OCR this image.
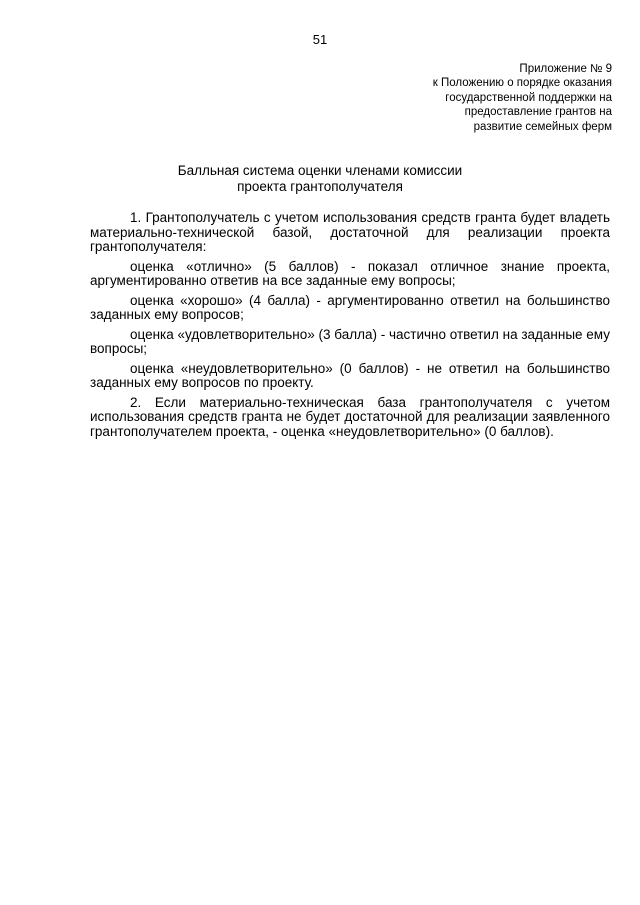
51
Приложение № 9
к Положению о порядке оказания
государственной поддержки на
предоставление грантов на
развитие семейных ферм
Балльная система оценки членами комиссии
проекта грантополучателя

1. Грантополучатель с учетом использования средств гранта будет владеть материально-технической базой, достаточной для реализации проекта грантополучателя:

оценка «отлично» (5 баллов) - показал отличное знание проекта, аргументированно ответив на все заданные ему вопросы;

оценка «хорошо» (4 балла) - аргументированно ответил на большинство заданных ему вопросов;

оценка «удовлетворительно» (3 балла) - частично ответил на заданные ему вопросы;

оценка «неудовлетворительно» (0 баллов) - не ответил на большинство заданных ему вопросов по проекту.

2. Если материально-техническая база грантополучателя с учетом использования средств гранта не будет достаточной для реализации заявленного грантополучателем проекта, - оценка «неудовлетворительно» (0 баллов).
